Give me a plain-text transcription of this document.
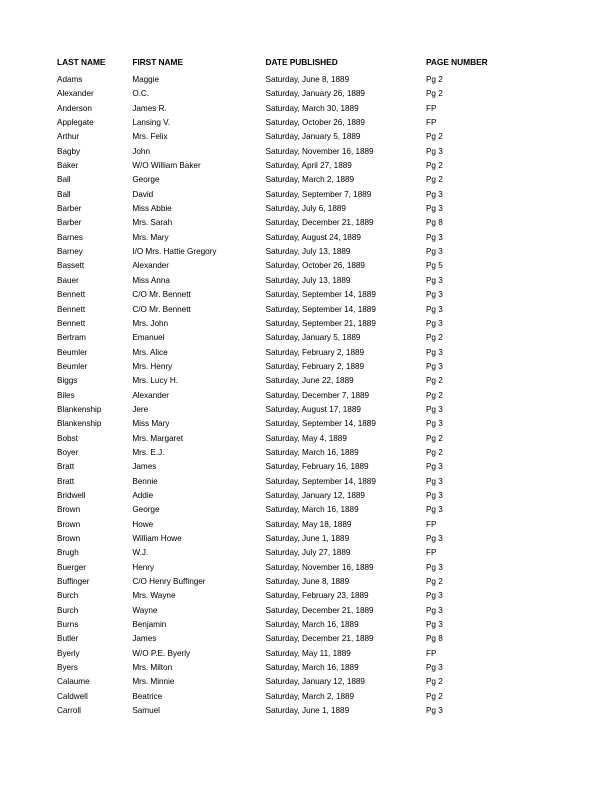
LAST NAME	FIRST NAME	DATE PUBLISHED	PAGE NUMBER
Adams	Maggie	Saturday, June 8, 1889	Pg 2
Alexander	O.C.	Saturday, January 26, 1889	Pg 2
Anderson	James R.	Saturday, March 30, 1889	FP
Applegate	Lansing V.	Saturday, October 26, 1889	FP
Arthur	Mrs. Felix	Saturday, January 5, 1889	Pg 2
Bagby	John	Saturday, November 16, 1889	Pg 3
Baker	W/O William Baker	Saturday, April 27, 1889	Pg 2
Ball	George	Saturday, March 2, 1889	Pg 2
Ball	David	Saturday, September 7, 1889	Pg 3
Barber	Miss Abbie	Saturday, July 6, 1889	Pg 3
Barber	Mrs. Sarah	Saturday, December 21, 1889	Pg 8
Barnes	Mrs. Mary	Saturday, August 24, 1889	Pg 3
Barney	I/O Mrs. Hattie Gregory	Saturday, July 13, 1889	Pg 3
Bassett	Alexander	Saturday, October 26, 1889	Pg 5
Bauer	Miss Anna	Saturday, July 13, 1889	Pg 3
Bennett	C/O Mr. Bennett	Saturday, September 14, 1889	Pg 3
Bennett	C/O Mr. Bennett	Saturday, September 14, 1889	Pg 3
Bennett	Mrs. John	Saturday, September 21, 1889	Pg 3
Bertram	Emanuel	Saturday, January 5, 1889	Pg 2
Beumler	Mrs. Alice	Saturday, February 2, 1889	Pg 3
Beumler	Mrs. Henry	Saturday, February 2, 1889	Pg 3
Biggs	Mrs. Lucy H.	Saturday, June 22, 1889	Pg 2
Biles	Alexander	Saturday, December 7, 1889	Pg 2
Blankenship	Jere	Saturday, August 17, 1889	Pg 3
Blankenship	Miss Mary	Saturday, September 14, 1889	Pg 3
Bobst	Mrs. Margaret	Saturday, May 4, 1889	Pg 2
Boyer	Mrs. E.J.	Saturday, March 16, 1889	Pg 2
Bratt	James	Saturday, February 16, 1889	Pg 3
Bratt	Bennie	Saturday, September 14, 1889	Pg 3
Bridwell	Addie	Saturday, January 12, 1889	Pg 3
Brown	George	Saturday, March 16, 1889	Pg 3
Brown	Howe	Saturday, May 18, 1889	FP
Brown	William Howe	Saturday, June 1, 1889	Pg 3
Brugh	W.J.	Saturday, July 27, 1889	FP
Buerger	Henry	Saturday, November 16, 1889	Pg 3
Buffinger	C/O Henry Buffinger	Saturday, June 8, 1889	Pg 2
Burch	Mrs. Wayne	Saturday, February 23, 1889	Pg 3
Burch	Wayne	Saturday, December 21, 1889	Pg 3
Burns	Benjamin	Saturday, March 16, 1889	Pg 3
Butler	James	Saturday, December 21, 1889	Pg 8
Byerly	W/O P.E. Byerly	Saturday, May 11, 1889	FP
Byers	Mrs. Milton	Saturday, March 16, 1889	Pg 3
Calaume	Mrs. Minnie	Saturday, January 12, 1889	Pg 2
Caldwell	Beatrice	Saturday, March 2, 1889	Pg 2
Carroll	Samuel	Saturday, June 1, 1889	Pg 3
